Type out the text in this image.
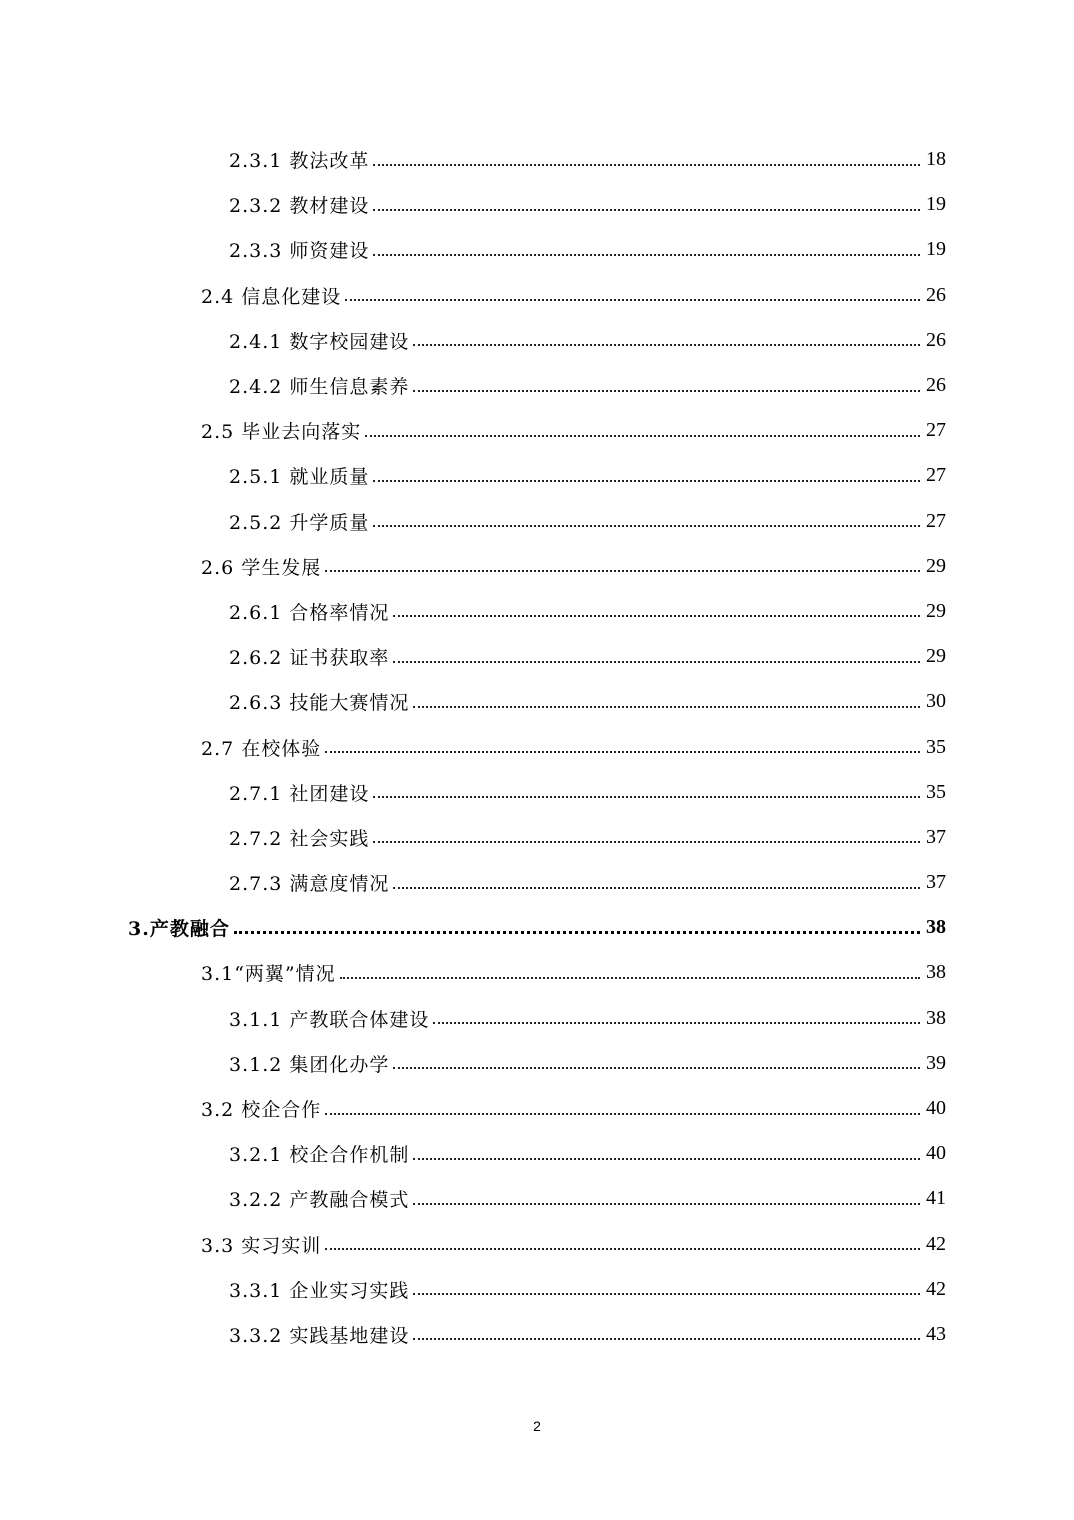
2.3.1 教法改革	18
2.3.2 教材建设	19
2.3.3 师资建设	19
2.4 信息化建设	26
2.4.1 数字校园建设	26
2.4.2 师生信息素养	26
2.5 毕业去向落实	27
2.5.1 就业质量	27
2.5.2 升学质量	27
2.6 学生发展	29
2.6.1 合格率情况	29
2.6.2 证书获取率	29
2.6.3 技能大赛情况	30
2.7 在校体验	35
2.7.1 社团建设	35
2.7.2 社会实践	37
2.7.3 满意度情况	37
3.产教融合	38
3.1“两翼”情况	38
3.1.1 产教联合体建设	38
3.1.2 集团化办学	39
3.2 校企合作	40
3.2.1 校企合作机制	40
3.2.2 产教融合模式	41
3.3 实习实训	42
3.3.1 企业实习实践	42
3.3.2 实践基地建设	43
2
